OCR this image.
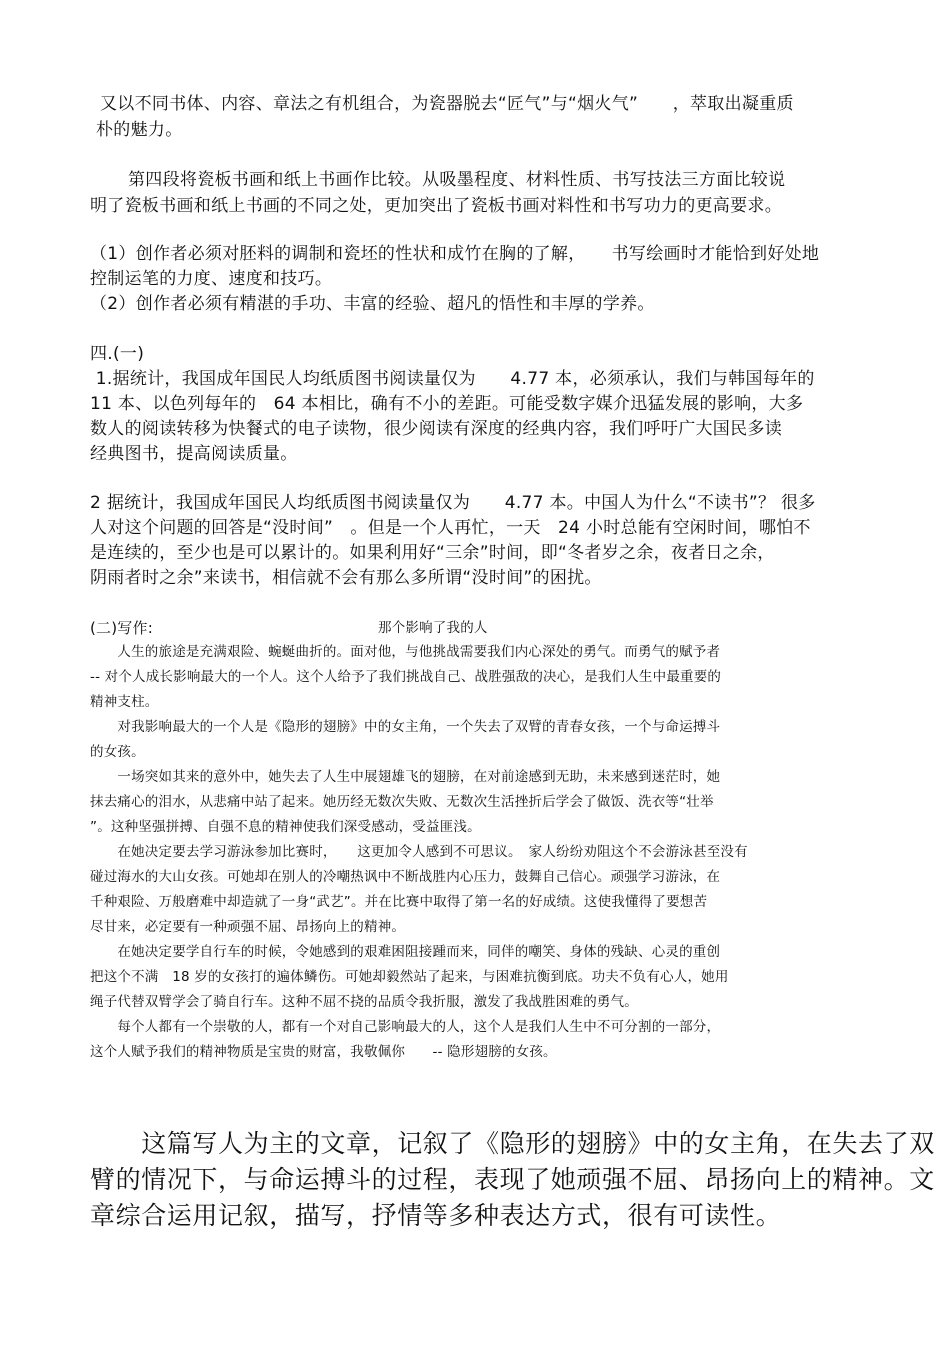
又以不同书体、内容、章法之有机组合，为瓷器脱去“匠气”与“烟火气”　　，萃取出凝重质
朴的魅力。
第四段将瓷板书画和纸上书画作比较。从吸墨程度、材料性质、书写技法三方面比较说
明了瓷板书画和纸上书画的不同之处，更加突出了瓷板书画对料性和书写功力的更高要求。
（1）创作者必须对胚料的调制和瓷坯的性状和成竹在胸的了解，　　书写绘画时才能恰到好处地
控制运笔的力度、速度和技巧。
（2）创作者必须有精湛的手功、丰富的经验、超凡的悟性和丰厚的学养。
四.(一)
1.据统计，我国成年国民人均纸质图书阅读量仅为　　4.77 本，必须承认，我们与韩国每年的
11 本、以色列每年的　64 本相比，确有不小的差距。可能受数字媒介迅猛发展的影响，大多
数人的阅读转移为快餐式的电子读物，很少阅读有深度的经典内容，我们呼吁广大国民多读
经典图书，提高阅读质量。
2 据统计，我国成年国民人均纸质图书阅读量仅为　　4.77 本。中国人为什么“不读书”？ 很多
人对这个问题的回答是“没时间”　。但是一个人再忙，一天　24 小时总能有空闲时间，哪怕不
是连续的，至少也是可以累计的。如果利用好“三余”时间，即“冬者岁之余，夜者日之余，
阴雨者时之余”来读书，相信就不会有那么多所谓“没时间”的困扰。
(二)写作:	那个影响了我的人
　　人生的旅途是充满艰险、蜿蜒曲折的。面对他，与他挑战需要我们内心深处的勇气。而勇气的赋予者
-- 对个人成长影响最大的一个人。这个人给予了我们挑战自己、战胜强敌的决心，是我们人生中最重要的
精神支柱。
　　对我影响最大的一个人是《隐形的翅膀》中的女主角，一个失去了双臂的青春女孩，一个与命运搏斗
的女孩。
　　一场突如其来的意外中，她失去了人生中展翅雄飞的翅膀，在对前途感到无助，未来感到迷茫时，她
抹去痛心的泪水，从悲痛中站了起来。她历经无数次失败、无数次生活挫折后学会了做饭、洗衣等“壮举
”。这种坚强拼搏、自强不息的精神使我们深受感动，受益匪浅。
　　在她决定要去学习游泳参加比赛时，　　这更加令人感到不可思议。　家人纷纷劝阻这个不会游泳甚至没有
碰过海水的大山女孩。可她却在别人的冷嘲热讽中不断战胜内心压力，鼓舞自己信心。顽强学习游泳，在
千种艰险、万般磨难中却造就了一身“武艺”。并在比赛中取得了第一名的好成绩。这使我懂得了要想苦
尽甘来，必定要有一种顽强不屈、昂扬向上的精神。
　　在她决定要学自行车的时候，令她感到的艰难困阻接踵而来，同伴的嘲笑、身体的残缺、心灵的重创
把这个不满　18 岁的女孩打的遍体鳞伤。可她却毅然站了起来，与困难抗衡到底。功夫不负有心人，她用
绳子代替双臂学会了骑自行车。这种不屈不挠的品质令我折服，激发了我战胜困难的勇气。
　　每个人都有一个崇敬的人，都有一个对自己影响最大的人，这个人是我们人生中不可分割的一部分，
这个人赋予我们的精神物质是宝贵的财富，我敬佩你　　-- 隐形翅膀的女孩。
　　这篇写人为主的文章，记叙了《隐形的翅膀》中的女主角，在失去了双
臂的情况下，与命运搏斗的过程，表现了她顽强不屈、昂扬向上的精神。文
章综合运用记叙，描写，抒情等多种表达方式，很有可读性。
